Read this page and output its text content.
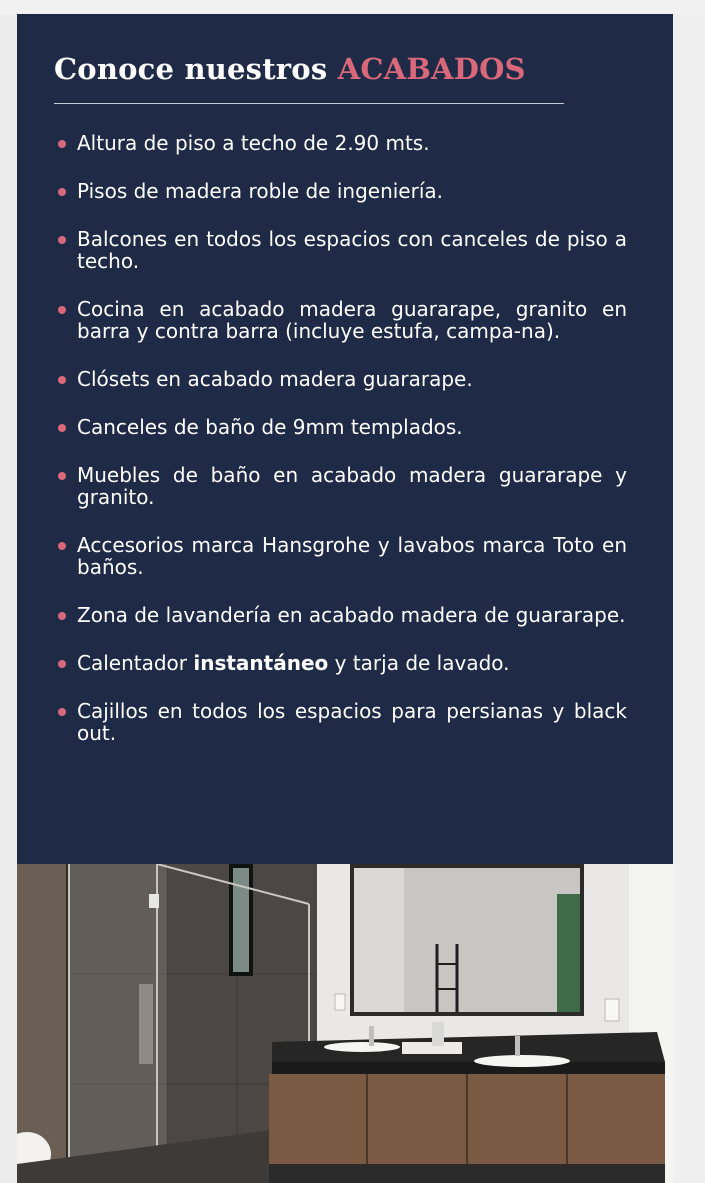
Conoce nuestros ACABADOS
Altura de piso a techo de 2.90 mts.
Pisos de madera roble de ingeniería.
Balcones en todos los espacios con canceles de piso a techo.
Cocina en acabado madera guararape, granito en barra y contra barra (incluye estufa, campa-na).
Clósets en acabado madera guararape.
Canceles de baño de 9mm templados.
Muebles de baño en acabado madera guararape y granito.
Accesorios marca Hansgrohe y lavabos marca Toto en baños.
Zona de lavandería en acabado madera de guararape.
Calentador instantáneo y tarja de lavado.
Cajillos en todos los espacios para persianas y black out.
